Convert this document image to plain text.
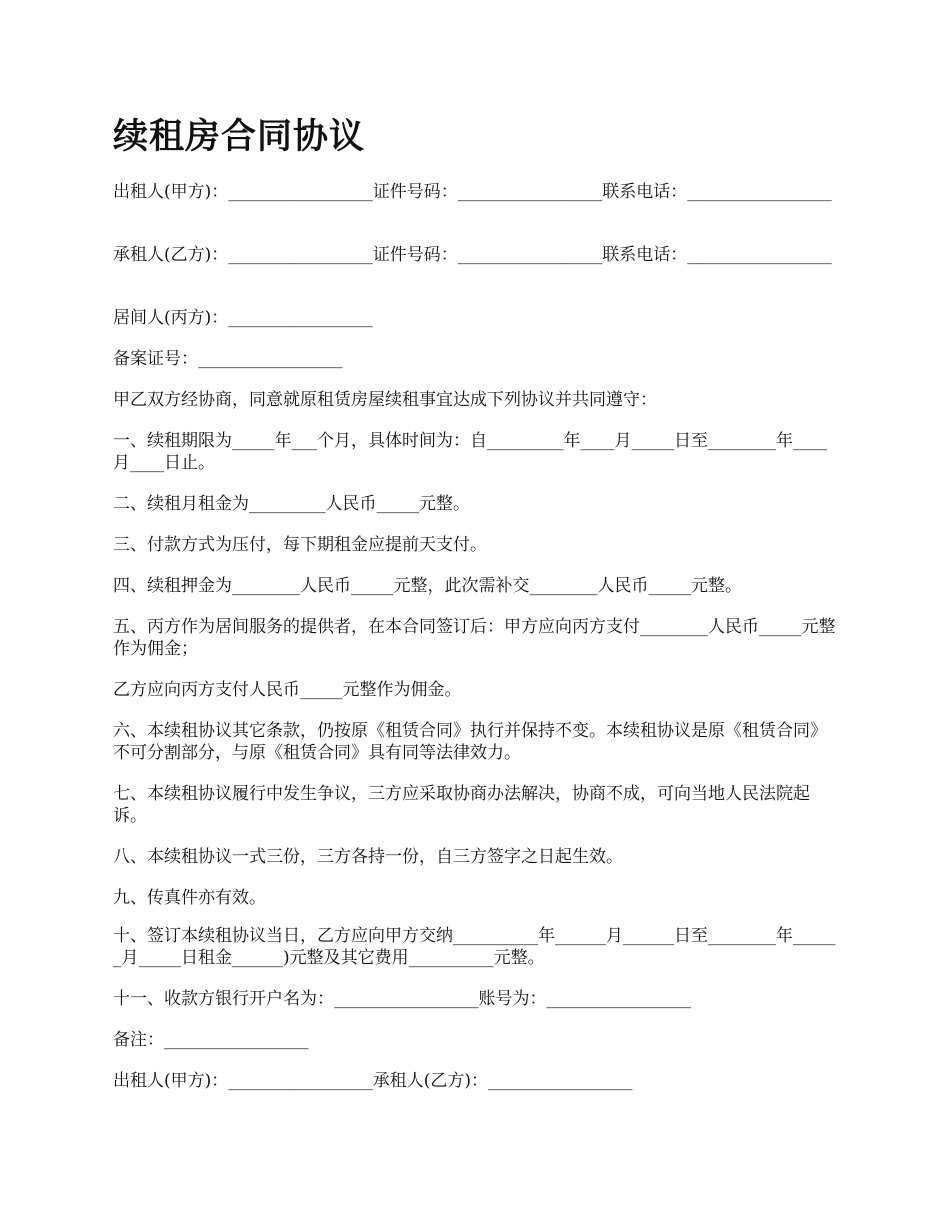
续租房合同协议

出租人(甲方)：_________________证件号码：_________________联系电话：_________________

承租人(乙方)：_________________证件号码：_________________联系电话：_________________

居间人(丙方)：_________________

备案证号：_________________

甲乙双方经协商，同意就原租赁房屋续租事宜达成下列协议并共同遵守：

一、续租期限为_____年___个月，具体时间为：自_________年____月_____日至________年____月____日止。

二、续租月租金为_________人民币_____元整。

三、付款方式为压付，每下期租金应提前天支付。

四、续租押金为________人民币_____元整，此次需补交________人民币_____元整。

五、丙方作为居间服务的提供者，在本合同签订后：甲方应向丙方支付________人民币_____元整作为佣金；

乙方应向丙方支付人民币_____元整作为佣金。

六、本续租协议其它条款，仍按原《租赁合同》执行并保持不变。本续租协议是原《租赁合同》不可分割部分，与原《租赁合同》具有同等法律效力。

七、本续租协议履行中发生争议，三方应采取协商办法解决，协商不成，可向当地人民法院起诉。

八、本续租协议一式三份，三方各持一份，自三方签字之日起生效。

九、传真件亦有效。

十、签订本续租协议当日，乙方应向甲方交纳__________年______月______日至________年______月_____日租金______)元整及其它费用__________元整。

十一、收款方银行开户名为：_________________账号为：_________________

备注：_________________

出租人(甲方)：_________________承租人(乙方)：_________________
